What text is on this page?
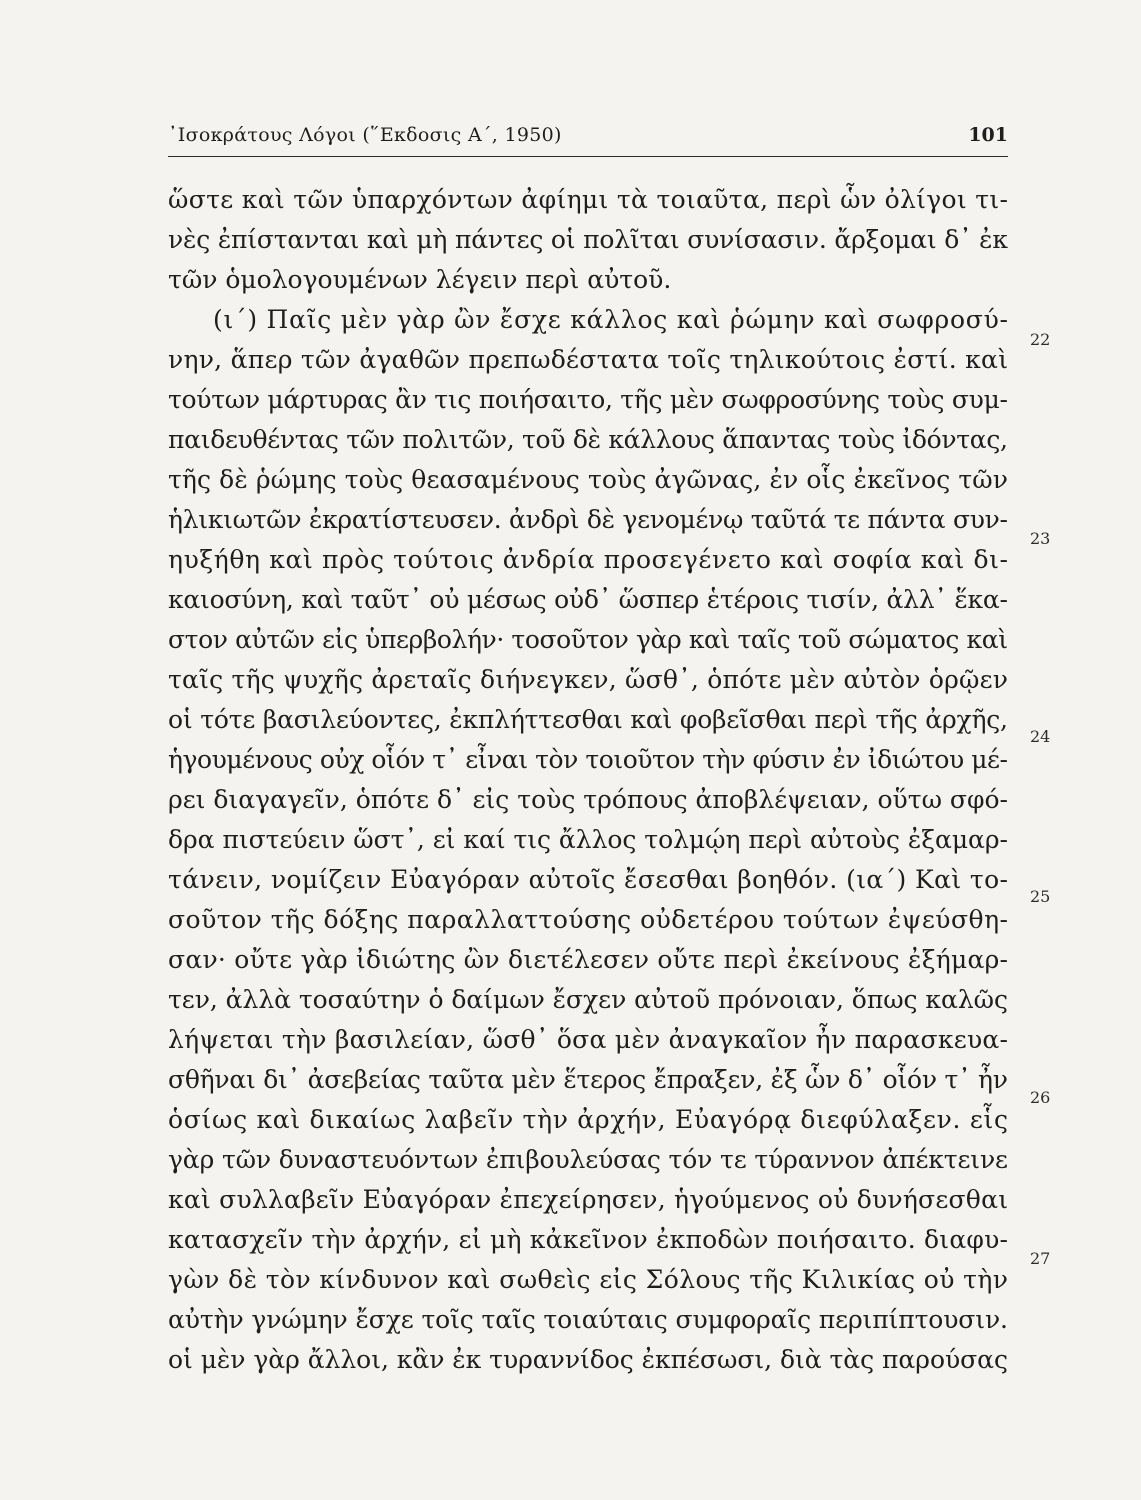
᾽Ισοκράτους Λόγοι (῞Εκδοσις Α΄, 1950)	101
ὥστε καὶ τῶν ὑπαρχόντων ἀφίημι τὰ τοιαῦτα, περὶ ὧν ὀλίγοι τι-
νὲς ἐπίστανται καὶ μὴ πάντες οἱ πολῖται συνίσασιν. ἄρξομαι δ᾽ ἐκ
τῶν ὁμολογουμένων λέγειν περὶ αὐτοῦ.
(ι΄) Παῖς μὲν γὰρ ὢν ἔσχε κάλλος καὶ ῥώμην καὶ σωφροσύ-
νην, ἅπερ τῶν ἀγαθῶν πρεπωδέστατα τοῖς τηλικούτοις ἐστί. καὶ
τούτων μάρτυρας ἂν τις ποιήσαιτο, τῆς μὲν σωφροσύνης τοὺς συμ-
παιδευθέντας τῶν πολιτῶν, τοῦ δὲ κάλλους ἅπαντας τοὺς ἰδόντας,
τῆς δὲ ῥώμης τοὺς θεασαμένους τοὺς ἀγῶνας, ἐν οἷς ἐκεῖνος τῶν
ἡλικιωτῶν ἐκρατίστευσεν. ἀνδρὶ δὲ γενομένῳ ταῦτά τε πάντα συν-
ηυξήθη καὶ πρὸς τούτοις ἀνδρία προσεγένετο καὶ σοφία καὶ δι-
καιοσύνη, καὶ ταῦτ᾽ οὐ μέσως οὐδ᾽ ὥσπερ ἑτέροις τισίν, ἀλλ᾽ ἕκα-
στον αὐτῶν εἰς ὑπερβολήν· τοσοῦτον γὰρ καὶ ταῖς τοῦ σώματος καὶ
ταῖς τῆς ψυχῆς ἀρεταῖς διήνεγκεν, ὥσθ᾽, ὁπότε μὲν αὐτὸν ὁρῷεν
οἱ τότε βασιλεύοντες, ἐκπλήττεσθαι καὶ φοβεῖσθαι περὶ τῆς ἀρχῆς,
ἡγουμένους οὐχ οἷόν τ᾽ εἶναι τὸν τοιοῦτον τὴν φύσιν ἐν ἰδιώτου μέ-
ρει διαγαγεῖν, ὁπότε δ᾽ εἰς τοὺς τρόπους ἀποβλέψειαν, οὕτω σφό-
δρα πιστεύειν ὥστ᾽, εἰ καί τις ἄλλος τολμῴη περὶ αὐτοὺς ἐξαμαρ-
τάνειν, νομίζειν Εὐαγόραν αὐτοῖς ἔσεσθαι βοηθόν. (ια΄) Καὶ το-
σοῦτον τῆς δόξης παραλλαττούσης οὐδετέρου τούτων ἐψεύσθη-
σαν· οὔτε γὰρ ἰδιώτης ὢν διετέλεσεν οὔτε περὶ ἐκείνους ἐξήμαρ-
τεν, ἀλλὰ τοσαύτην ὁ δαίμων ἔσχεν αὐτοῦ πρόνοιαν, ὅπως καλῶς
λήψεται τὴν βασιλείαν, ὥσθ᾽ ὅσα μὲν ἀναγκαῖον ἦν παρασκευα-
σθῆναι δι᾽ ἀσεβείας ταῦτα μὲν ἕτερος ἔπραξεν, ἐξ ὧν δ᾽ οἷόν τ᾽ ἦν
ὁσίως καὶ δικαίως λαβεῖν τὴν ἀρχήν, Εὐαγόρᾳ διεφύλαξεν. εἷς
γὰρ τῶν δυναστευόντων ἐπιβουλεύσας τόν τε τύραννον ἀπέκτεινε
καὶ συλλαβεῖν Εὐαγόραν ἐπεχείρησεν, ἡγούμενος οὐ δυνήσεσθαι
κατασχεῖν τὴν ἀρχήν, εἰ μὴ κἀκεῖνον ἐκποδὼν ποιήσαιτο. διαφυ-
γὼν δὲ τὸν κίνδυνον καὶ σωθεὶς εἰς Σόλους τῆς Κιλικίας οὐ τὴν
αὐτὴν γνώμην ἔσχε τοῖς ταῖς τοιαύταις συμφοραῖς περιπίπτουσιν.
οἱ μὲν γὰρ ἄλλοι, κἂν ἐκ τυραννίδος ἐκπέσωσι, διὰ τὰς παρούσας
22
23
24
25
26
27
